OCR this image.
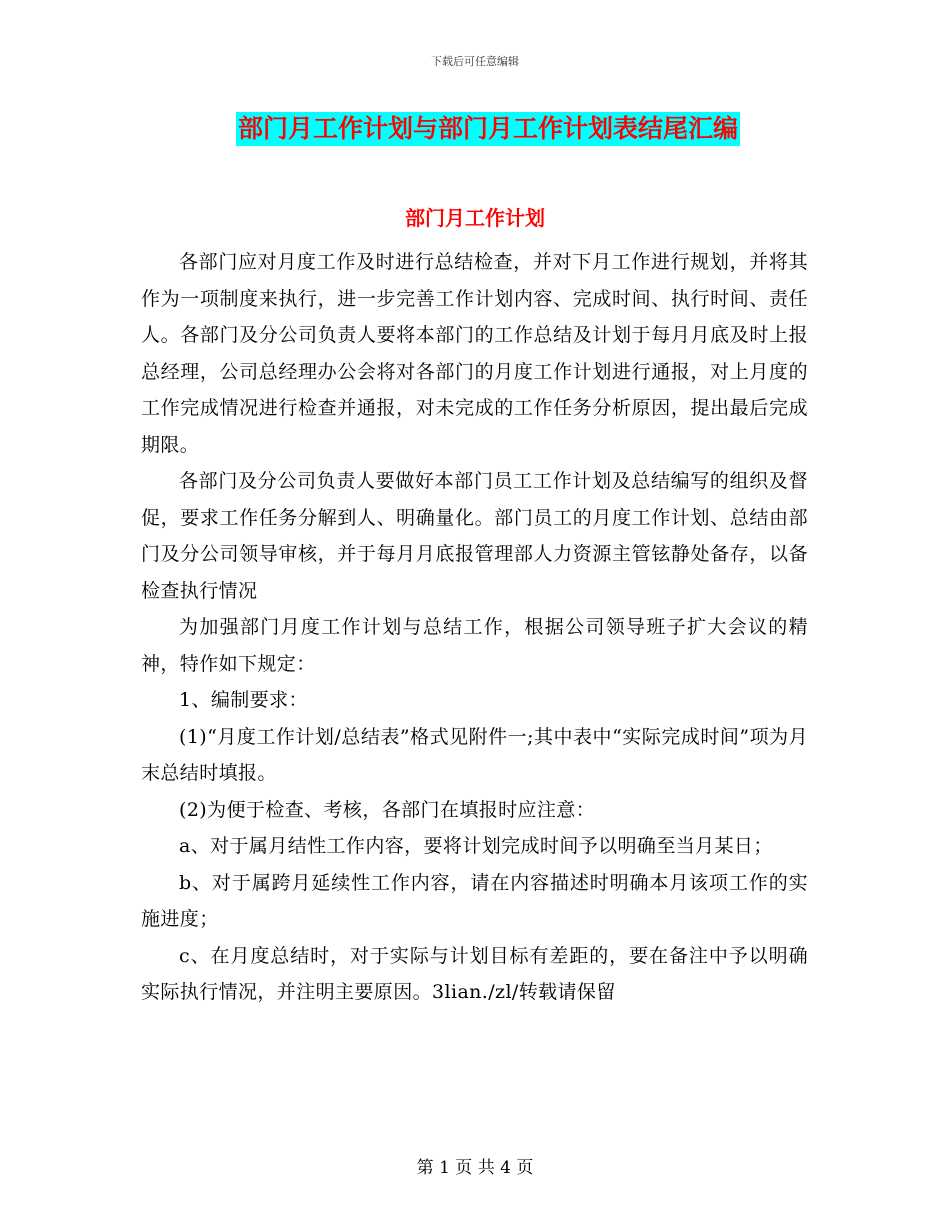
下载后可任意编辑
部门月工作计划与部门月工作计划表结尾汇编
部门月工作计划

各部门应对月度工作及时进行总结检查，并对下月工作进行规划，并将其作为一项制度来执行，进一步完善工作计划内容、完成时间、执行时间、责任人。各部门及分公司负责人要将本部门的工作总结及计划于每月月底及时上报总经理，公司总经理办公会将对各部门的月度工作计划进行通报，对上月度的工作完成情况进行检查并通报，对未完成的工作任务分析原因，提出最后完成期限。

各部门及分公司负责人要做好本部门员工工作计划及总结编写的组织及督促，要求工作任务分解到人、明确量化。部门员工的月度工作计划、总结由部门及分公司领导审核，并于每月月底报管理部人力资源主管铉静处备存，以备检查执行情况

为加强部门月度工作计划与总结工作，根据公司领导班子扩大会议的精神，特作如下规定：

1、编制要求：

(1)“月度工作计划/总结表”格式见附件一;其中表中“实际完成时间”项为月末总结时填报。

(2)为便于检查、考核，各部门在填报时应注意：

a、对于属月结性工作内容，要将计划完成时间予以明确至当月某日；

b、对于属跨月延续性工作内容，请在内容描述时明确本月该项工作的实施进度；

c、在月度总结时，对于实际与计划目标有差距的，要在备注中予以明确实际执行情况，并注明主要原因。3lian./zl/转载请保留

第 1 页 共 4 页
